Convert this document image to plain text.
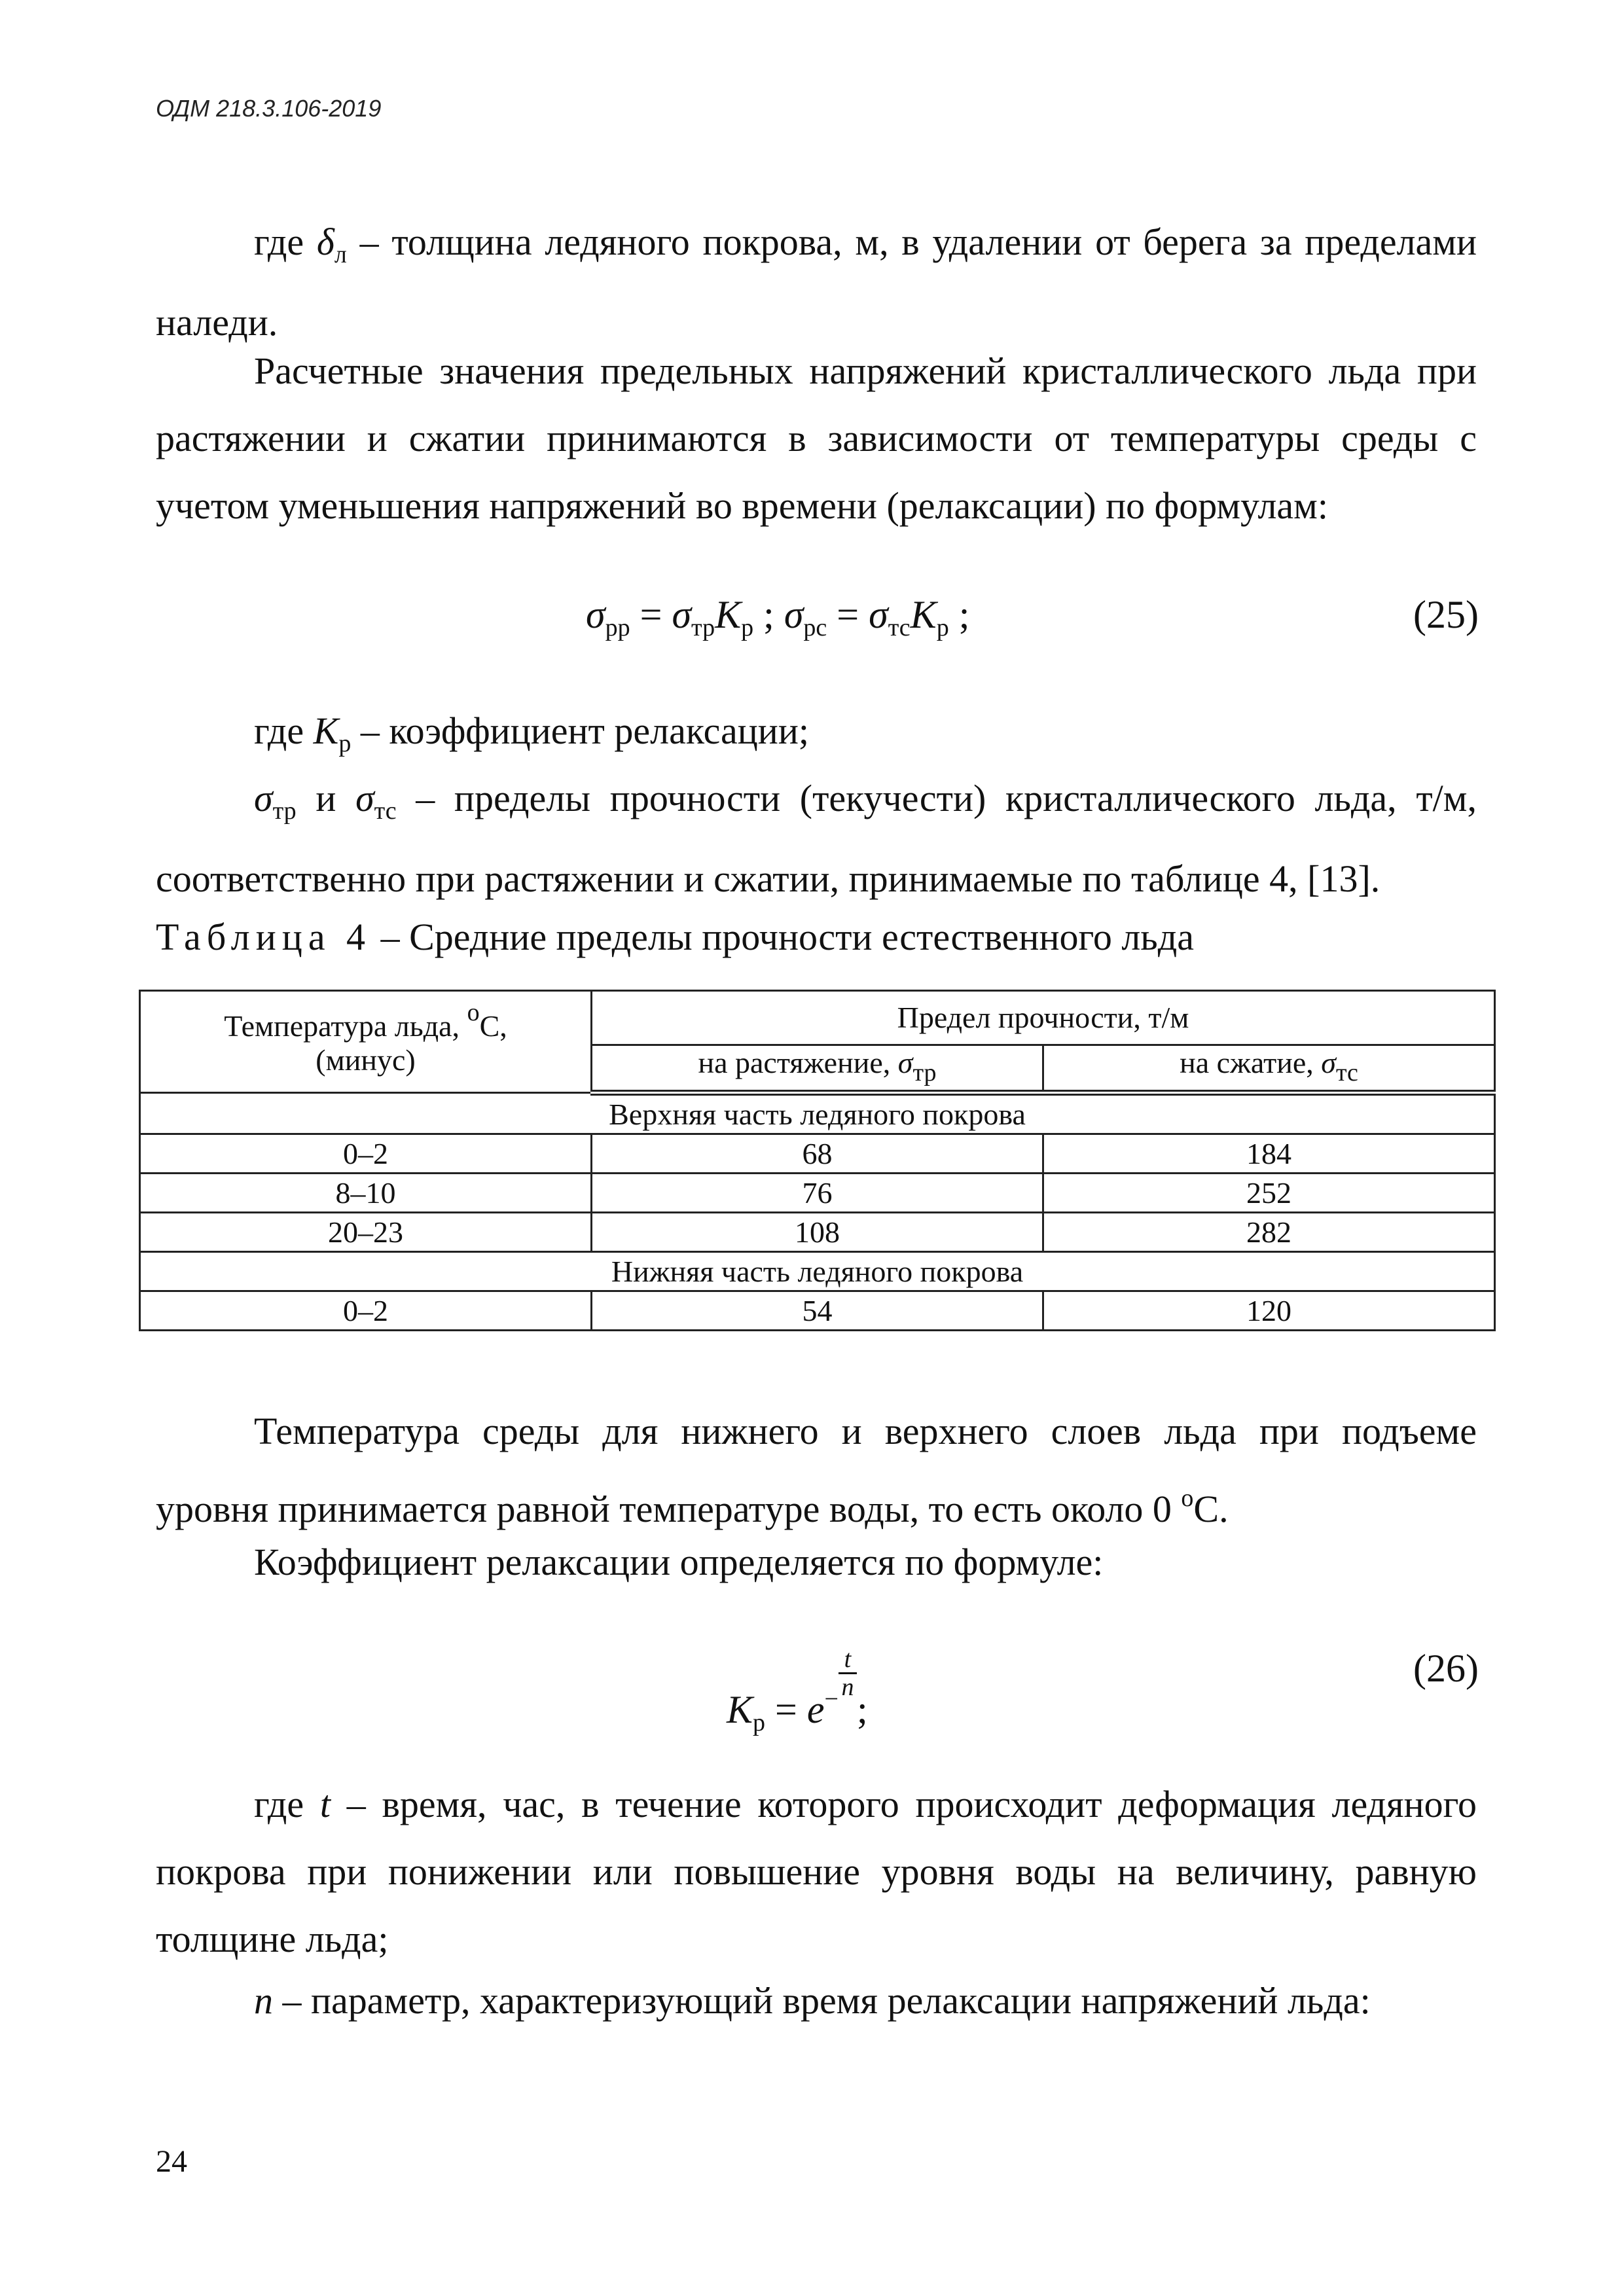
ОДМ 218.3.106-2019

где $\delta_л$ – толщина ледяного покрова, м, в удалении от берега за пределами наледи.

Расчетные значения предельных напряжений кристаллического льда при растяжении и сжатии принимаются в зависимости от температуры среды с учетом уменьшения напряжений во времени (релаксации) по формулам:

$\sigma_{рр} = \sigma_{тр}K_р$ ; $\sigma_{рс} = \sigma_{тс}K_р$ ;	(25)

где $K_р$ – коэффициент релаксации;

$\sigma_{тр}$ и $\sigma_{тс}$ – пределы прочности (текучести) кристаллического льда, т/м, соответственно при растяжении и сжатии, принимаемые по таблице 4, [13].

Таблица 4 – Средние пределы прочности естественного льда
Температура льда, $^о$С,
(минус)	Предел прочности, т/м	
	на растяжение, $\sigma_{тр}$	на сжатие, $\sigma_{тс}$
Верхняя часть ледяного покрова		
0–2	68	184
8–10	76	252
20–23	108	282
Нижняя часть ледяного покрова		
0–2	54	120

Температура среды для нижнего и верхнего слоев льда при подъеме уровня принимается равной температуре воды, то есть около 0 $^о$С.

Коэффициент релаксации определяется по формуле:

$K_р = e^- \frac{t}{n}$
;
(26)

где t – время, час, в течение которого происходит деформация ледяного покрова при понижении или повышение уровня воды на величину, равную толщине льда;

n – параметр, характеризующий время релаксации напряжений льда:

24
